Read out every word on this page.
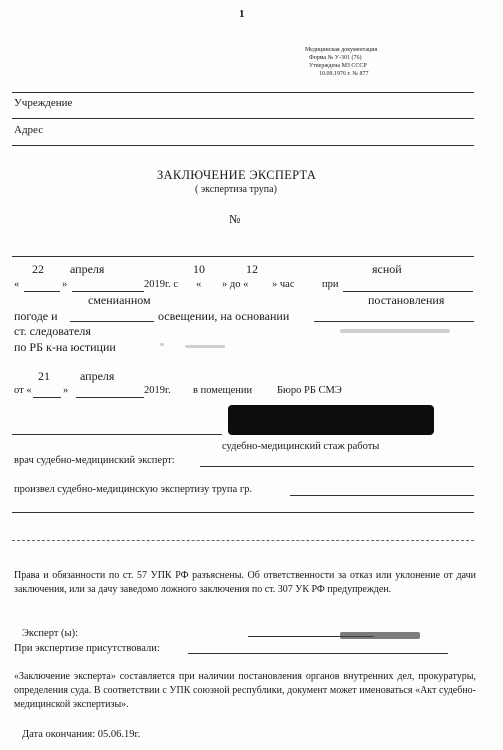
1
Медицинская документация
Форма № У-301 (76)
Утверждена МЗ СССР
10.09.1976 г. № 877
Учреждение
Адрес
ЗАКЛЮЧЕНИЕ ЭКСПЕРТА
( экспертиза трупа)
№
22 апреля	10	12	ясной
«	»	2019г. с « » до « » час	при
сменианном	постановления
погоде и	освещении, на основании
ст. следователя
по РБ к-на юстиции
21	апреля
от «	»	2019г. в помещении Бюро РБ СМЭ
судебно-медицинский стаж работы
врач судебно-медицинский эксперт:
произвел судебно-медицинскую экспертизу трупа гр.
Права и обязанности по ст. 57 УПК РФ разъяснены. Об ответственности за отказ или уклонение от дачи заключения, или за дачу заведомо ложного заключения по ст. 307 УК РФ предупрежден.
Эксперт (ы):
При экспертизе присутствовали:
«Заключение эксперта» составляется при наличии постановления органов внутренних дел, прокуратуры, определения суда. В соответствии с УПК союзной республики, документ может именоваться «Акт судебно-медицинской экспертизы».
Дата окончания: 05.06.19г.
